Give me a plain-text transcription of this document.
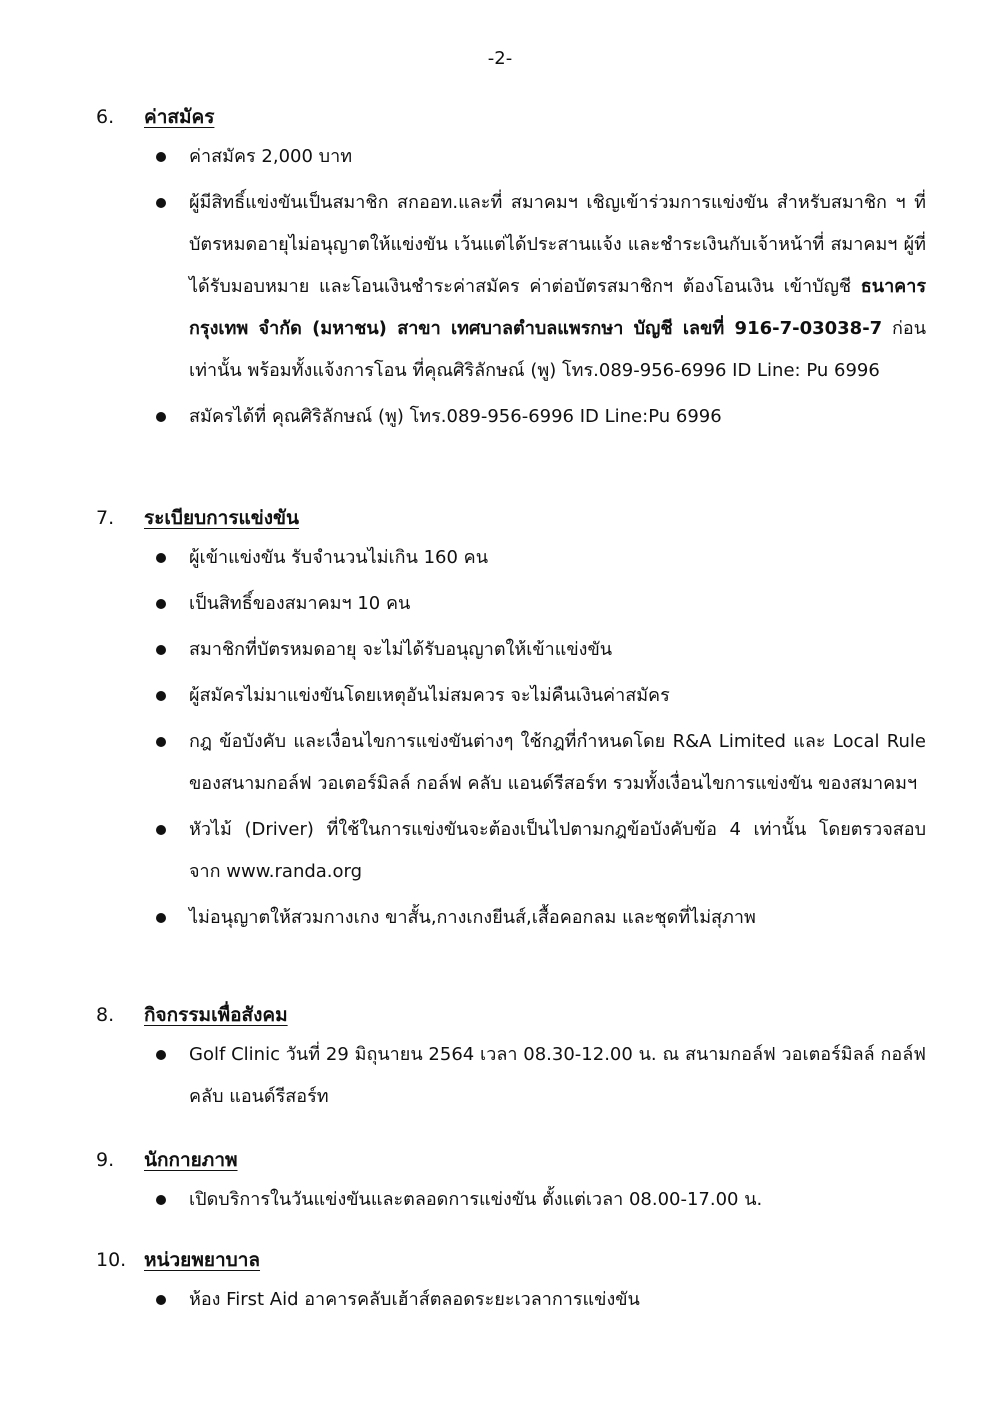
-2-
6.	ค่าสมัคร
ค่าสมัคร 2,000 บาท
ผู้มีสิทธิ์แข่งขันเป็นสมาชิก สกออท.และที่ สมาคมฯ เชิญเข้าร่วมการแข่งขัน สำหรับสมาชิก ฯ ที่บัตรหมดอายุไม่อนุญาตให้แข่งขัน เว้นแต่ได้ประสานแจ้ง และชำระเงินกับเจ้าหน้าที่ สมาคมฯ ผู้ที่ได้รับมอบหมาย และโอนเงินชำระค่าสมัคร ค่าต่อบัตรสมาชิกฯ ต้องโอนเงิน เข้าบัญชี ธนาคารกรุงเทพ จำกัด (มหาชน) สาขา เทศบาลตำบลแพรกษา บัญชี เลขที่ 916-7-03038-7 ก่อนเท่านั้น พร้อมทั้งแจ้งการโอน ที่คุณศิริลักษณ์ (พู) โทร.089-956-6996 ID Line: Pu 6996
สมัครได้ที่ คุณศิริลักษณ์ (พู) โทร.089-956-6996 ID Line:Pu 6996
7.	ระเบียบการแข่งขัน
ผู้เข้าแข่งขัน รับจำนวนไม่เกิน 160 คน
เป็นสิทธิ์ของสมาคมฯ 10 คน
สมาชิกที่บัตรหมดอายุ จะไม่ได้รับอนุญาตให้เข้าแข่งขัน
ผู้สมัครไม่มาแข่งขันโดยเหตุอันไม่สมควร จะไม่คืนเงินค่าสมัคร
กฎ ข้อบังคับ และเงื่อนไขการแข่งขันต่างๆ ใช้กฎที่กำหนดโดย R&A Limited และ Local Rule ของสนามกอล์ฟ วอเตอร์มิลล์ กอล์ฟ คลับ แอนด์รีสอร์ท รวมทั้งเงื่อนไขการแข่งขัน ของสมาคมฯ
หัวไม้ (Driver) ที่ใช้ในการแข่งขันจะต้องเป็นไปตามกฎข้อบังคับข้อ 4 เท่านั้น โดยตรวจสอบ จาก www.randa.org
ไม่อนุญาตให้สวมกางเกง ขาสั้น,กางเกงยีนส์,เสื้อคอกลม และชุดที่ไม่สุภาพ
8.	กิจกรรมเพื่อสังคม
Golf Clinic วันที่ 29 มิถุนายน 2564 เวลา 08.30-12.00 น. ณ สนามกอล์ฟ วอเตอร์มิลล์ กอล์ฟ คลับ แอนด์รีสอร์ท
9.	นักกายภาพ
เปิดบริการในวันแข่งขันและตลอดการแข่งขัน ตั้งแต่เวลา 08.00-17.00 น.
10. หน่วยพยาบาล
ห้อง First Aid อาคารคลับเฮ้าส์ตลอดระยะเวลาการแข่งขัน
